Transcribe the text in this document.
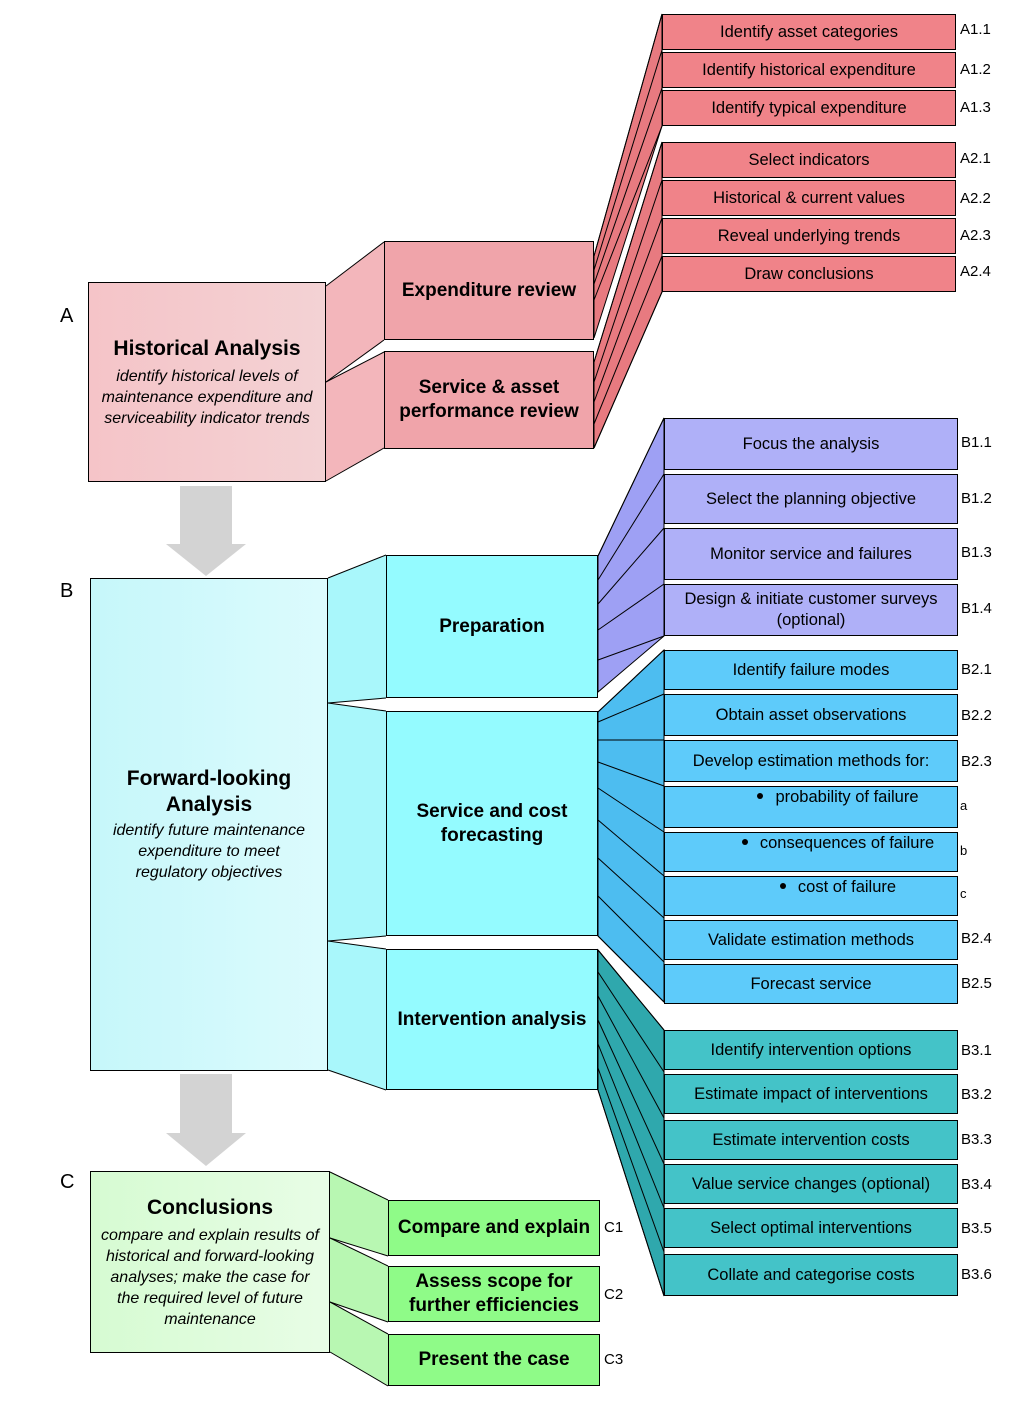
A
Historical Analysis
identify historical levels of maintenance expenditure and serviceability indicator trends
Expenditure review
Service & asset performance review
Identify asset categories
Identify historical expenditure
Identify typical expenditure
Select indicators
Historical & current values
Reveal underlying trends
Draw conclusions
A1.1
A1.2
A1.3
A2.1
A2.2
A2.3
A2.4
B
Forward-looking Analysis
identify future maintenance expenditure to meet regulatory objectives
Preparation
Service and cost forecasting
Intervention analysis
Focus the analysis
Select the planning objective
Monitor service and failures
Design & initiate customer surveys (optional)
B1.1
B1.2
B1.3
B1.4
Identify failure modes
Obtain asset observations
Develop estimation methods for:
probability of failure
consequences of failure
cost of failure
Validate estimation methods
Forecast service
B2.1
B2.2
B2.3
a
b
c
B2.4
B2.5
Identify intervention options
Estimate impact of interventions
Estimate intervention costs
Value service changes (optional)
Select optimal interventions
Collate and categorise costs
B3.1
B3.2
B3.3
B3.4
B3.5
B3.6
C
Conclusions
compare and explain results of historical and forward-looking analyses; make the case for the required level of future maintenance
Compare and explain
Assess scope for further efficiencies
Present the case
C1
C2
C3
